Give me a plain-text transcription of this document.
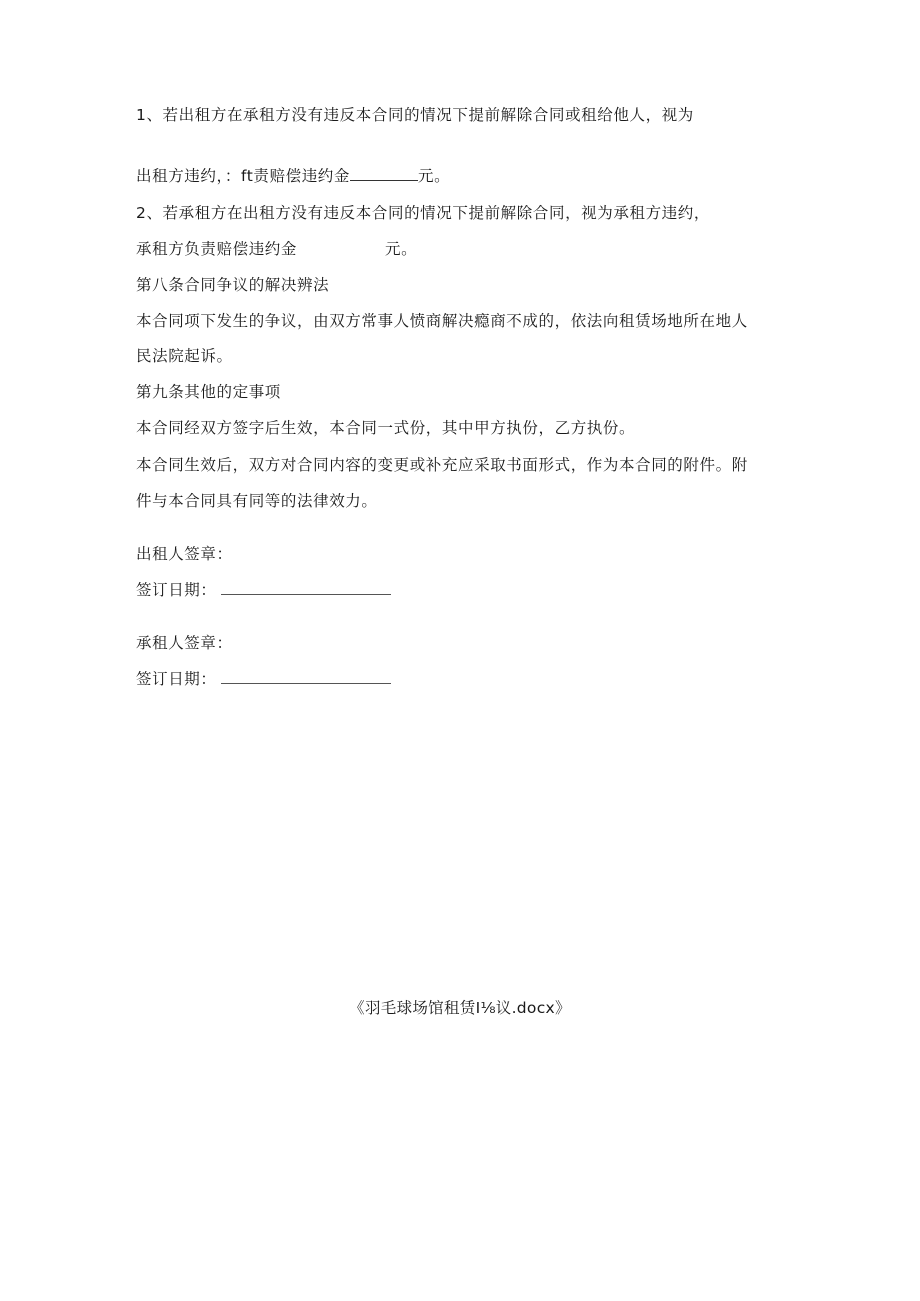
1、若出租方在承租方没有违反本合同的情况下提前解除合同或租给他人，视为
出租方违约，：ft责赔偿违约金	元。
2、若承租方在出租方没有违反本合同的情况下提前解除合同，视为承租方违约，
承租方负责赔偿违约金	元。
第八条合同争议的解决辨法
本合同项下发生的争议，由双方常事人愤商解决瘾商不成的，依法向租赁场地所在地人
民法院起诉。
第九条其他的定事项
本合同经双方签字后生效，本合同一式份，其中甲方执份，乙方执份。
本合同生效后，双方对合同内容的变更或补充应采取书面形式，作为本合同的附件。附
件与本合同具有同等的法律效力。
出租人签章：
签订日期：
承租人签章：
签订日期：
《羽毛球场馆租赁I⅛议.docx》
